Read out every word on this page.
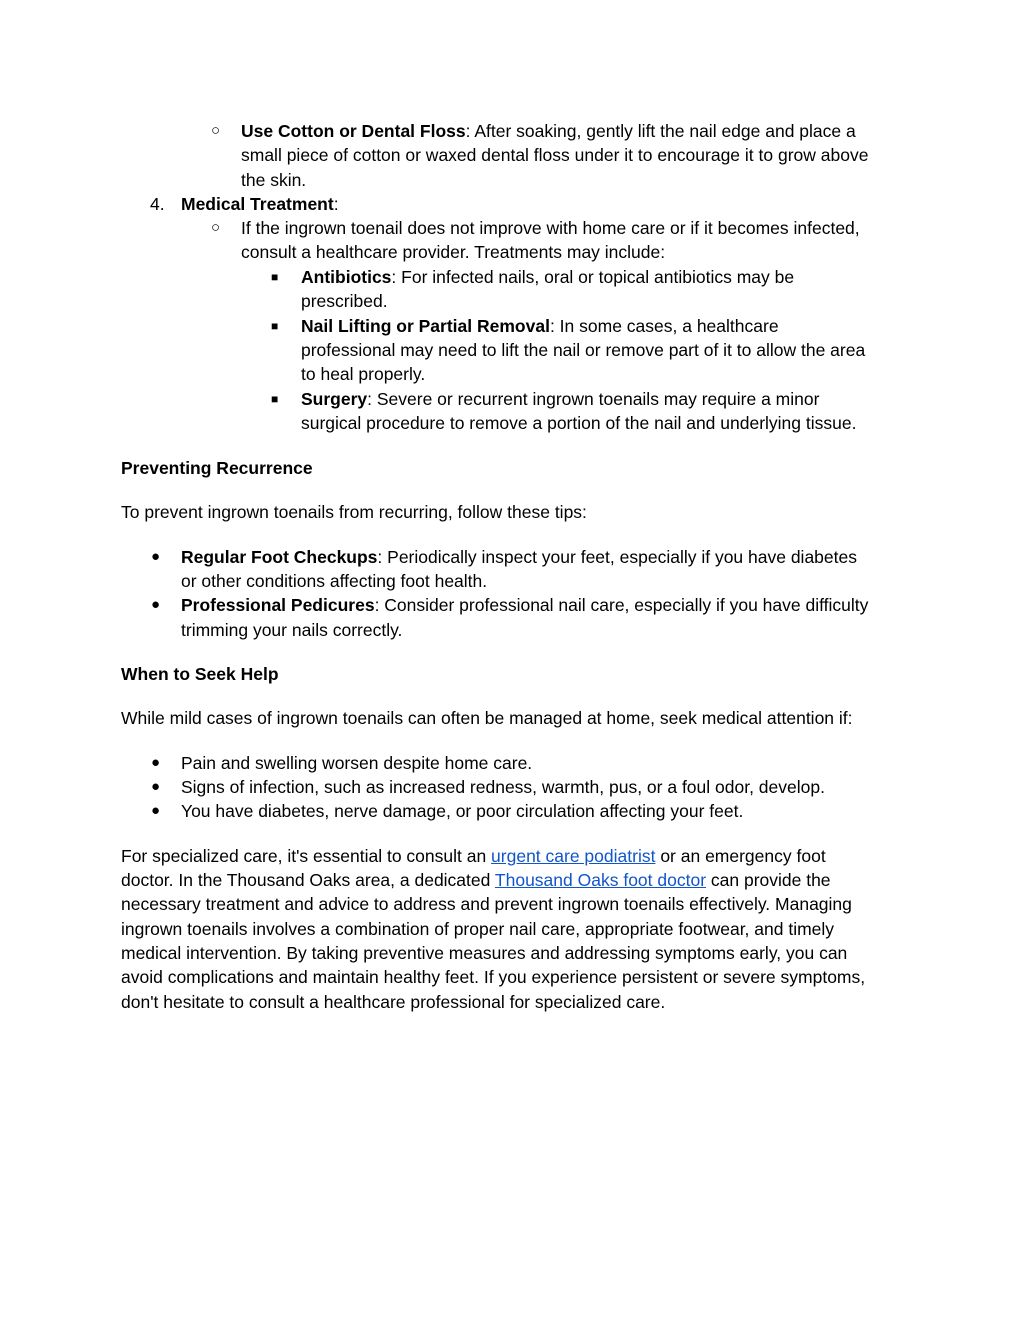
○ Use Cotton or Dental Floss: After soaking, gently lift the nail edge and place a
small piece of cotton or waxed dental floss under it to encourage it to grow above
the skin.
4. Medical Treatment:
○ If the ingrown toenail does not improve with home care or if it becomes infected,
consult a healthcare provider. Treatments may include:
■ Antibiotics: For infected nails, oral or topical antibiotics may be
prescribed.
■ Nail Lifting or Partial Removal: In some cases, a healthcare
professional may need to lift the nail or remove part of it to allow the area
to heal properly.
■ Surgery: Severe or recurrent ingrown toenails may require a minor
surgical procedure to remove a portion of the nail and underlying tissue.
Preventing Recurrence
To prevent ingrown toenails from recurring, follow these tips:
● Regular Foot Checkups: Periodically inspect your feet, especially if you have diabetes
or other conditions affecting foot health.
● Professional Pedicures: Consider professional nail care, especially if you have difficulty
trimming your nails correctly.
When to Seek Help
While mild cases of ingrown toenails can often be managed at home, seek medical attention if:
● Pain and swelling worsen despite home care.
● Signs of infection, such as increased redness, warmth, pus, or a foul odor, develop.
● You have diabetes, nerve damage, or poor circulation affecting your feet.
For specialized care, it's essential to consult an urgent care podiatrist or an emergency foot
doctor. In the Thousand Oaks area, a dedicated Thousand Oaks foot doctor can provide the
necessary treatment and advice to address and prevent ingrown toenails effectively. Managing
ingrown toenails involves a combination of proper nail care, appropriate footwear, and timely
medical intervention. By taking preventive measures and addressing symptoms early, you can
avoid complications and maintain healthy feet. If you experience persistent or severe symptoms,
don't hesitate to consult a healthcare professional for specialized care.
